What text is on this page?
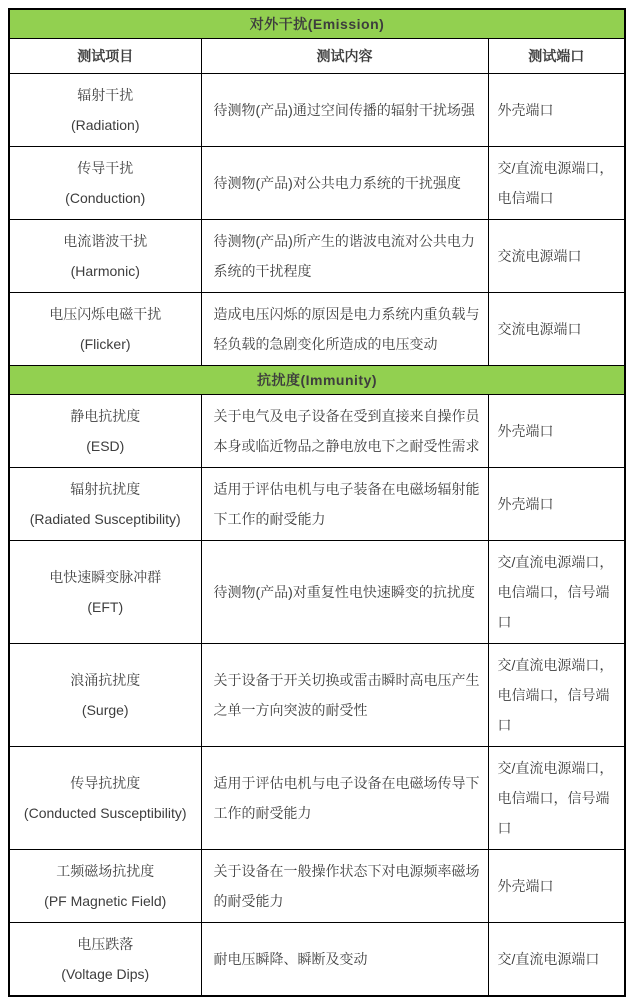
对外干扰(Emission)		
测试项目	测试内容	测试端口

辐射干扰
(Radiation)	待测物(产品)通过空间传播的辐射干扰场强	外壳端口

传导干扰
(Conduction)	待测物(产品)对公共电力系统的干扰强度	交/直流电源端口，电信端口

电流谐波干扰
(Harmonic)	待测物(产品)所产生的谐波电流对公共电力系统的干扰程度	交流电源端口

电压闪烁电磁干扰
(Flicker)	造成电压闪烁的原因是电力系统内重负载与轻负载的急剧变化所造成的电压变动	交流电源端口
抗扰度(Immunity)		

静电抗扰度
(ESD)	关于电气及电子设备在受到直接来自操作员本身或临近物品之静电放电下之耐受性需求	外壳端口

辐射抗扰度
(Radiated Susceptibility)	适用于评估电机与电子装备在电磁场辐射能下工作的耐受能力	外壳端口

电快速瞬变脉冲群
(EFT)	待测物(产品)对重复性电快速瞬变的抗扰度	交/直流电源端口，电信端口，信号端口

浪涌抗扰度
(Surge)	关于设备于开关切换或雷击瞬时高电压产生之单一方向突波的耐受性	交/直流电源端口，电信端口，信号端口

传导抗扰度
(Conducted Susceptibility)	适用于评估电机与电子设备在电磁场传导下工作的耐受能力	交/直流电源端口，电信端口，信号端口

工频磁场抗扰度
(PF Magnetic Field)	关于设备在一般操作状态下对电源频率磁场的耐受能力	外壳端口

电压跌落
(Voltage Dips)	耐电压瞬降、瞬断及变动	交/直流电源端口
